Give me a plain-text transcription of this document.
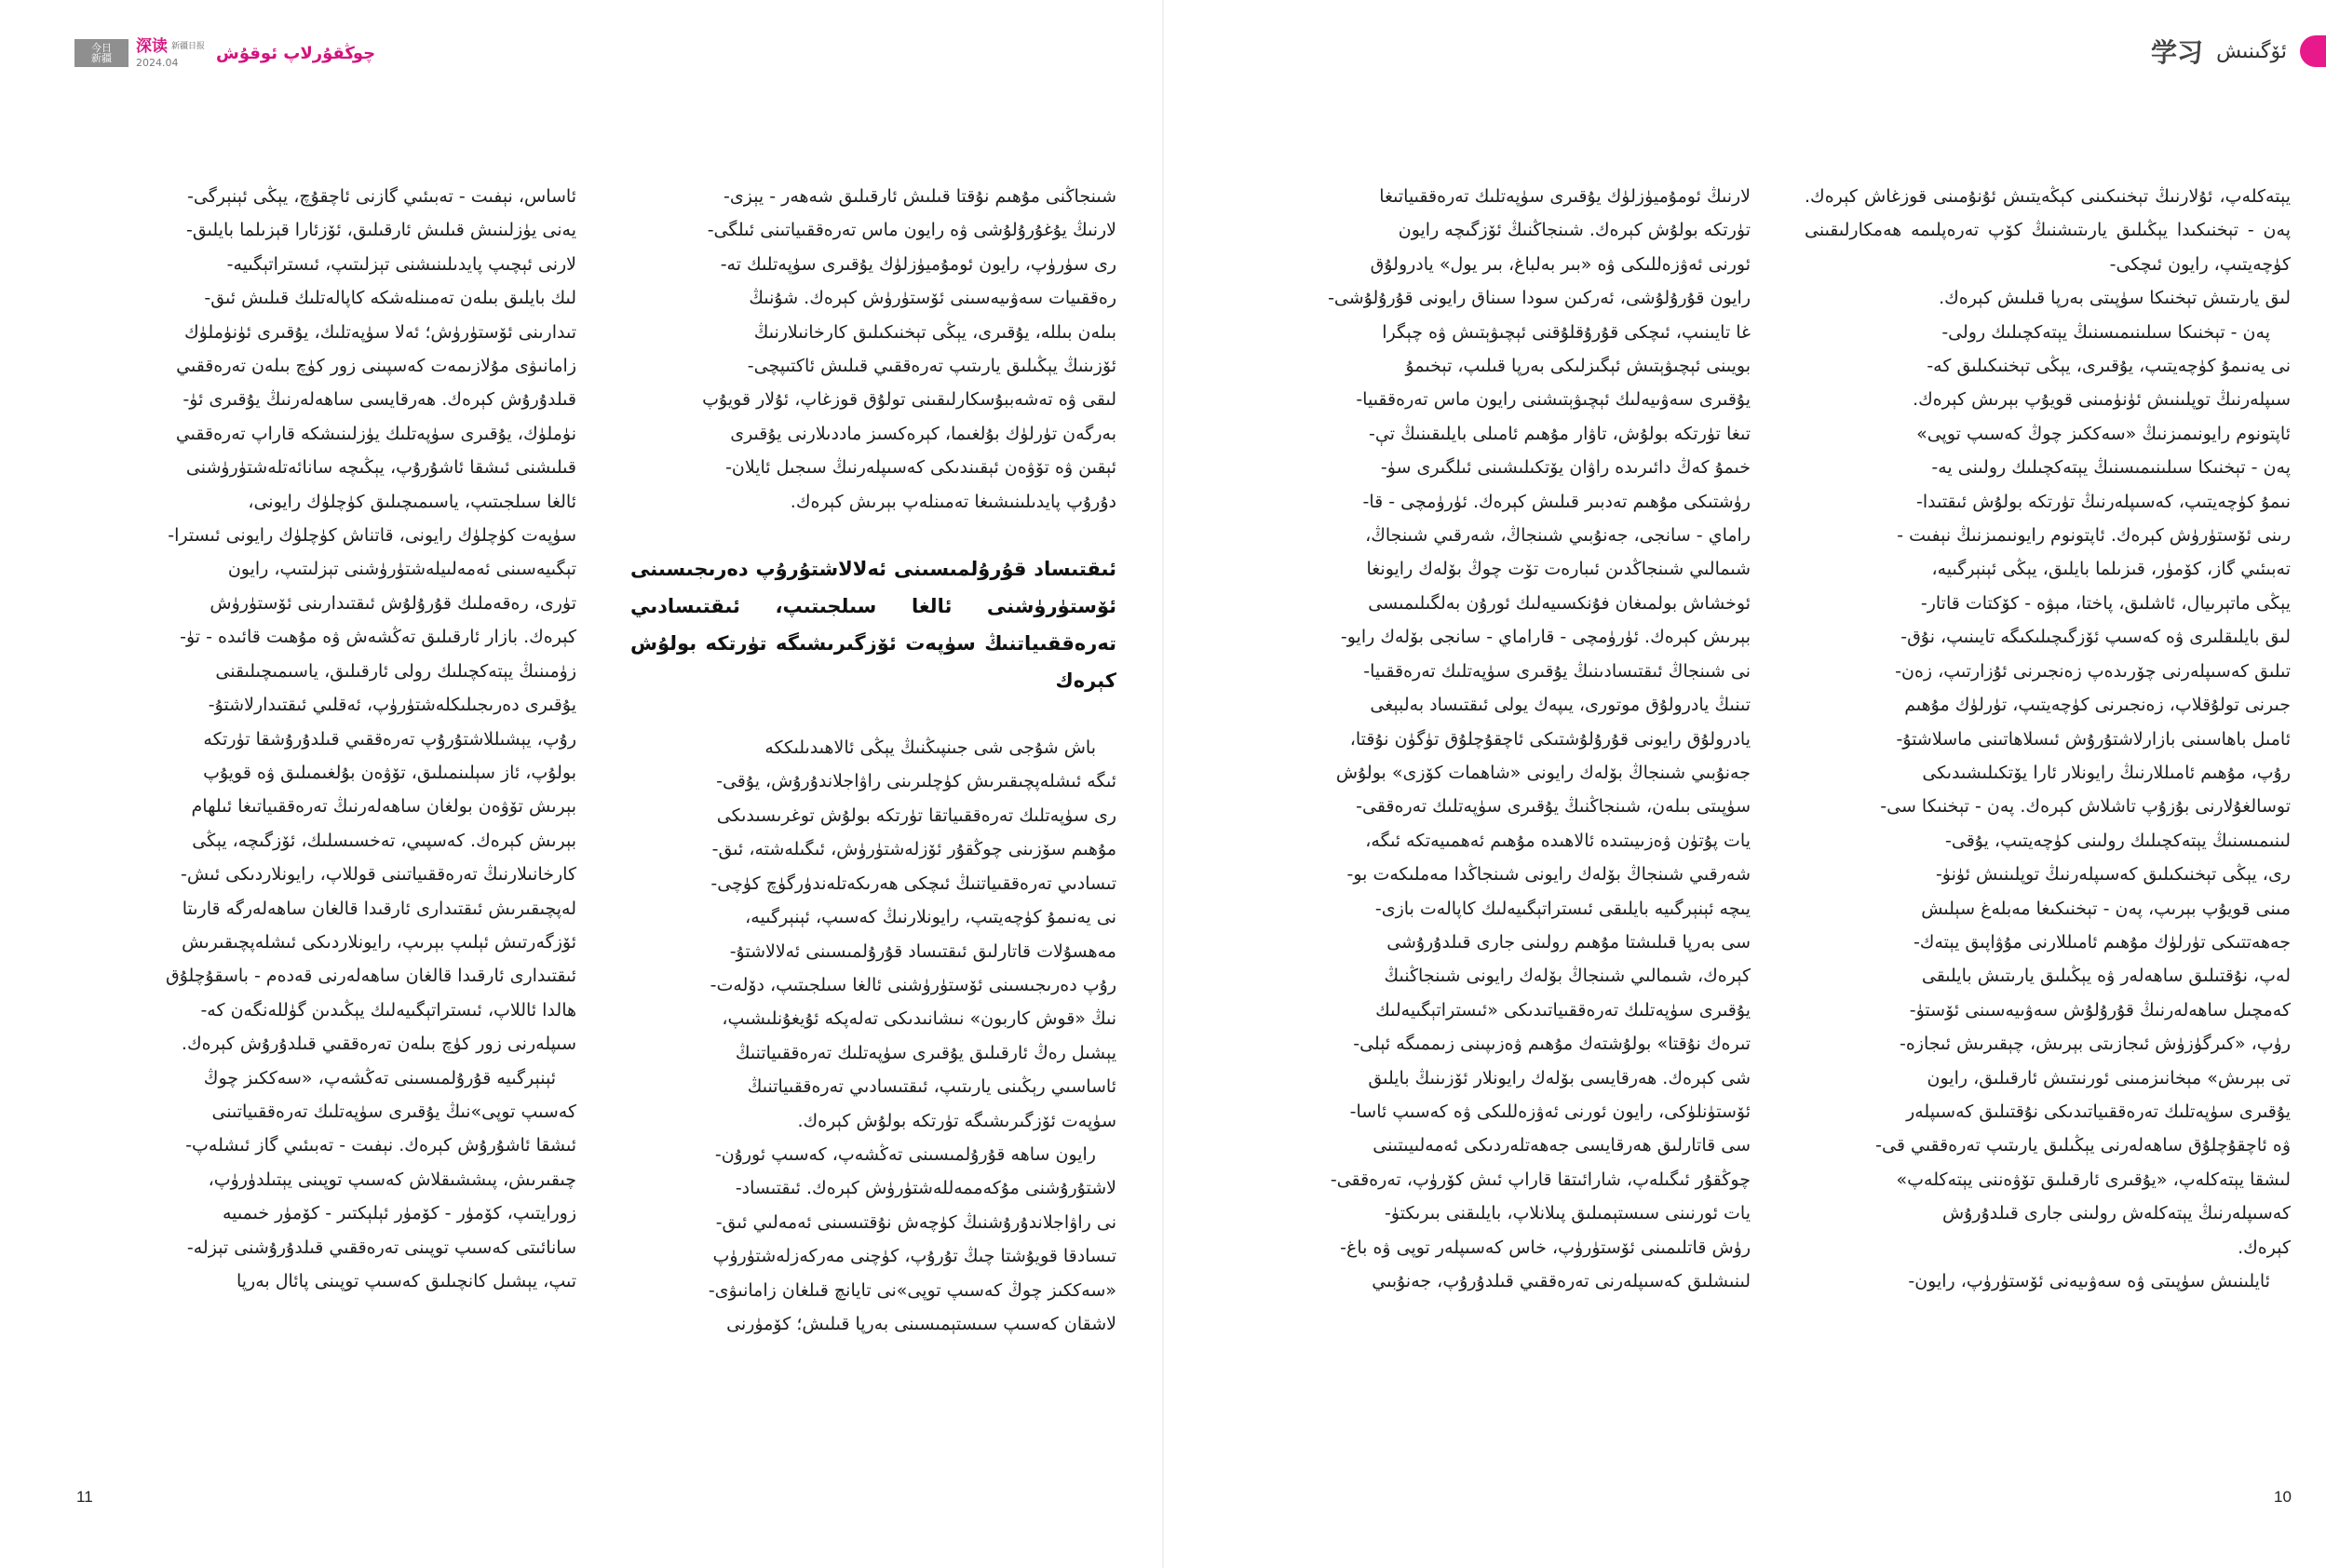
今日
新疆
深读 新疆日报
2024.04	چوڭقۇرلاپ ئوقۇش	学习 ئۆگىنىش

يېتەكلەپ، ئۇلارنىڭ تېخنىكىنى كېڭەيتىش ئۇنۇمىنى قوزغاش كېرەك. پەن - تېخنىكىدا يېڭىلىق يارىتىشنىڭ كۆپ تەرەپلىمە ھەمكارلىقىنى كۈچەيتىپ، رايون ئىچكى-

لىق يارىتىش تېخنىكا سۈپىتى بەرپا قىلىش كېرەك.

پەن - تېخنىكا سىلىنىمىسنىڭ يېتەكچىلىك رولى-

نى يەنىمۇ كۈچەيتىپ، يۇقىرى، يېڭى تېخنىكىلىق كە-

سىپلەرنىڭ توپلىنىش ئۈنۈمىنى قويۇپ بېرىش كېرەك.

ئاپتونوم رايونىمىزنىڭ «سەككىز چوڭ كەسىپ توپى»

پەن - تېخنىكا سىلىنىمىسنىڭ يېتەكچىلىك رولىنى يە-

نىمۇ كۈچەيتىپ، كەسىپلەرنىڭ تۈرتكە بولۇش ئىقتىدا-

رىنى ئۆستۈرۈش كېرەك. ئاپتونوم رايونىمىزنىڭ نېفىت -

تەبىئىي گاز، كۆمۈر، قىزىلما بايلىق، يېڭى ئېنېرگىيە،

يېڭى ماتېرىيال، ئاشلىق، پاختا، مېۋە - كۆكتات قاتار-

لىق بايلىقلىرى ۋە كەسىپ ئۆزگىچىلىكىگە تايىنىپ، نۇق-

تىلىق كەسىپلەرنى چۆرىدەپ زەنجىرنى ئۇزارتىپ، زەن-

جىرنى تولۇقلاپ، زەنجىرنى كۈچەيتىپ، تۈرلۈك مۇھىم

ئامىل باھاسىنى بازارلاشتۇرۇش ئىسلاھاتىنى ماسلاشتۇ-

رۇپ، مۇھىم ئامىللارنىڭ رايونلار ئارا يۆتكىلىشىدىكى

توسالغۇلارنى بۇزۇپ تاشلاش كېرەك. پەن - تېخنىكا سى-

لىنىمىسنىڭ يېتەكچىلىك رولىنى كۈچەيتىپ، يۇقى-

رى، يېڭى تېخنىكىلىق كەسىپلەرنىڭ توپلىنىش ئۈنۈ-

مىنى قويۇپ بېرىپ، پەن - تېخنىكىغا مەبلەغ سېلىش

جەھەتتىكى تۈرلۈك مۇھىم ئامىللارنى مۇۋاپىق يېتەك-

لەپ، نۇقتىلىق ساھەلەر ۋە يېڭىلىق يارىتىش بايلىقى

كەمچىل ساھەلەرنىڭ قۇرۇلۇش سەۋىيەسىنى ئۆستۈ-

رۈپ، «كىرگۈزۈش ئىجازىتى بېرىش، چېقىرىش ئىجازە-

تى بېرىش» مېخانىزمىنى ئورنىتىش ئارقىلىق، رايون

يۇقىرى سۈپەتلىك تەرەققىياتىدىكى نۇقتىلىق كەسىپلەر

ۋە ئاچقۇچلۇق ساھەلەرنى يېڭىلىق يارىتىپ تەرەققىي قى-

لىشقا يېتەكلەپ، «يۇقىرى ئارقىلىق تۆۋەننى يېتەكلەپ»

كەسىپلەرنىڭ يېتەكلەش رولىنى جارى قىلدۇرۇش

كېرەك.

ئايلىنىش سۈپىتى ۋە سەۋىيەنى ئۆستۈرۈپ، رايون-

لارنىڭ ئومۇميۈزلۈك يۇقىرى سۈپەتلىك تەرەققىياتىغا

تۈرتكە بولۇش كېرەك. شىنجاڭنىڭ ئۆزگىچە رايون

ئورنى ئەۋزەللىكى ۋە «بىر بەلباغ، بىر يول» يادرولۇق

رايون قۇرۇلۇشى، ئەركىن سودا سىناق رايونى قۇرۇلۇشى-

غا تايىنىپ، ئىچكى قۇرۇقلۇقنى ئېچىۋېتىش ۋە چېگرا

بويىنى ئېچىۋېتىش ئېگىزلىكى بەرپا قىلىپ، تېخىمۇ

يۇقىرى سەۋىيەلىك ئېچىۋېتىشنى رايون ماس تەرەققىيا-

تىغا تۈرتكە بولۇش، تاۋار مۇھىم ئامىلى بايلىقىنىڭ تې-

خىمۇ كەڭ دائىرىدە راۋان يۆتكىلىشىنى ئىلگىرى سۈ-

رۈشتىكى مۇھىم تەدبىر قىلىش كېرەك. ئۈرۈمچى - قا-

راماي - سانجى، جەنۇبىي شىنجاڭ، شەرقىي شىنجاڭ،

شىمالىي شىنجاڭدىن ئىبارەت تۆت چوڭ بۆلەك رايونغا

ئوخشاش بولمىغان فۇنكسىيەلىك ئورۇن بەلگىلىمىسى

بېرىش كېرەك. ئۈرۈمچى - قاراماي - سانجى بۆلەك رايو-

نى شىنجاڭ ئىقتىسادىنىڭ يۇقىرى سۈپەتلىك تەرەققىيا-

تىنىڭ يادرولۇق موتورى، يىپەك يولى ئىقتىساد بەلبېغى

يادرولۇق رايونى قۇرۇلۇشتىكى ئاچقۇچلۇق تۈگۈن نۇقتا،

جەنۇبىي شىنجاڭ بۆلەك رايونى «شاھمات كۆزى» بولۇش

سۈپىتى بىلەن، شىنجاڭنىڭ يۇقىرى سۈپەتلىك تەرەققى-

يات پۇتۈن ۋەزىيىتىدە ئالاھىدە مۇھىم ئەھمىيەتكە ئىگە،

شەرقىي شىنجاڭ بۆلەك رايونى شىنجاڭدا مەملىكەت بو-

يىچە ئېنېرگىيە بايلىقى ئىستراتېگىيەلىك كاپالەت بازى-

سى بەرپا قىلىشتا مۇھىم رولىنى جارى قىلدۇرۇشى

كېرەك، شىمالىي شىنجاڭ بۆلەك رايونى شىنجاڭنىڭ

يۇقىرى سۈپەتلىك تەرەققىياتىدىكى «ئىستراتېگىيەلىك

تىرەك نۇقتا» بولۇشتەك مۇھىم ۋەزىپىنى زىممىگە ئېلى-

شى كېرەك. ھەرقايسى بۆلەك رايونلار ئۆزىنىڭ بايلىق

ئۆستۈنلۈكى، رايون ئورنى ئەۋزەللىكى ۋە كەسىپ ئاسا-

سى قاتارلىق ھەرقايسى جەھەتلەردىكى ئەمەلىيىتىنى

چوڭقۇر ئىگىلەپ، شارائىتقا قاراپ ئىش كۆرۈپ، تەرەققى-

يات ئورنىنى سىستېمىلىق پىلانلاپ، بايلىقنى بىرىكتۈ-

رۈش قاتلىمىنى ئۆستۈرۈپ، خاس كەسىپلەر توپى ۋە باغ-

لىنىشلىق كەسىپلەرنى تەرەققىي قىلدۇرۇپ، جەنۇبىي

شىنجاڭنى مۇھىم نۇقتا قىلىش ئارقىلىق شەھەر - يېزى-

لارنىڭ يۇغۇرۇلۇشى ۋە رايون ماس تەرەققىياتىنى ئىلگى-

رى سۈرۈپ، رايون ئومۇميۈزلۈك يۇقىرى سۈپەتلىك تە-

رەققىيات سەۋىيەسىنى ئۆستۈرۈش كېرەك. شۇنىڭ

بىلەن بىللە، يۇقىرى، يېڭى تېخنىكىلىق كارخانىلارنىڭ

ئۆزىنىڭ يېڭىلىق يارىتىپ تەرەققىي قىلىش ئاكتىپچى-

لىقى ۋە تەشەببۇسكارلىقىنى تولۇق قوزغاپ، ئۇلار قويۇپ

بەرگەن تۈرلۈك بۇلغىما، كېرەكسىز ماددىلارنى يۇقىرى

ئېقىن ۋە تۆۋەن ئېقىندىكى كەسىپلەرنىڭ سىجىل ئايلان-

دۇرۇپ پايدىلىنىشىغا تەمىنلەپ بېرىش كېرەك.

ئىقتىساد قۇرۇلمىسىنى ئەلالاشتۇرۇپ دەرىجىسىنى ئۆستۈرۈشنى ئالغا سىلجىتىپ، ئىقتىسادىي تەرەققىياتنىڭ سۈپەت ئۆزگىرىشىگە تۈرتكە بولۇش كېرەك

باش شۇجى شى جىنپىڭنىڭ يېڭى ئالاھىدىلىككە

ئىگە ئىشلەپچىقىرىش كۈچلىرىنى راۋاجلاندۇرۇش، يۇقى-

رى سۈپەتلىك تەرەققىياتقا تۈرتكە بولۇش توغرىسىدىكى

مۇھىم سۆزىنى چوڭقۇر ئۆزلەشتۈرۈش، ئىگىلەشتە، ئىق-

تىسادىي تەرەققىياتنىڭ ئىچكى ھەرىكەتلەندۈرگۈچ كۈچى-

نى يەنىمۇ كۈچەيتىپ، رايونلارنىڭ كەسىپ، ئېنېرگىيە،

مەھسۇلات قاتارلىق ئىقتىساد قۇرۇلمىسىنى ئەلالاشتۇ-

رۇپ دەرىجىسىنى ئۆستۈرۈشنى ئالغا سىلجىتىپ، دۆلەت-

نىڭ «قوش كاربون» نىشانىدىكى تەلەپكە ئۇيغۇنلىشىپ،

يېشىل رەڭ ئارقىلىق يۇقىرى سۈپەتلىك تەرەققىياتنىڭ

ئاساسىي رېڭىنى يارىتىپ، ئىقتىسادىي تەرەققىياتنىڭ

سۈپەت ئۆزگىرىشىگە تۈرتكە بولۇش كېرەك.

رايون ساھە قۇرۇلمىسىنى تەڭشەپ، كەسىپ ئورۇن-

لاشتۇرۇشنى مۇكەممەللەشتۈرۈش كېرەك. ئىقتىساد-

نى راۋاجلاندۇرۇشنىڭ كۈچەش نۇقتىسىنى ئەمەلىي ئىق-

تىسادقا قويۇشتا چىڭ تۇرۇپ، كۈچنى مەركەزلەشتۈرۈپ

«سەككىز چوڭ كەسىپ توپى»نى تايانچ قىلغان زامانىۋى-

لاشقان كەسىپ سىستېمىسىنى بەرپا قىلىش؛ كۆمۈرنى

ئاساس، نېفىت - تەبىئىي گازنى ئاچقۇچ، يېڭى ئېنېرگى-

يەنى يۈزلىنىش قىلىش ئارقىلىق، ئۆزئارا قېزىلما بايلىق-

لارنى ئېچىپ پايدىلىنىشنى تېزلىتىپ، ئىستراتېگىيە-

لىك بايلىق بىلەن تەمىنلەشكە كاپالەتلىك قىلىش ئىق-

تىدارىنى ئۆستۈرۈش؛ ئەلا سۈپەتلىك، يۇقىرى ئۈنۈملۈك

زامانىۋى مۇلازىمەت كەسپىنى زور كۈچ بىلەن تەرەققىي

قىلدۇرۇش كېرەك. ھەرقايسى ساھەلەرنىڭ يۇقىرى ئۈ-

نۈملۈك، يۇقىرى سۈپەتلىك يۈزلىنىشكە قاراپ تەرەققىي

قىلىشنى ئىشقا ئاشۇرۇپ، يېڭىچە سانائەتلەشتۈرۈشنى

ئالغا سىلجىتىپ، ياسىمىچىلىق كۈچلۈك رايونى،

سۈپەت كۈچلۈك رايونى، قاتناش كۈچلۈك رايونى ئىسترا-

تېگىيەسىنى ئەمەلىيلەشتۈرۈشنى تېزلىتىپ، رايون

تۈرى، رەقەملىك قۇرۇلۇش ئىقتىدارىنى ئۆستۈرۈش

كېرەك. بازار ئارقىلىق تەڭشەش ۋە مۇھىت قائىدە - تۈ-

زۈمىنىڭ يېتەكچىلىك رولى ئارقىلىق، ياسىمىچىلىقنى

يۇقىرى دەرىجىلىكلەشتۈرۈپ، ئەقلىي ئىقتىدارلاشتۇ-

رۇپ، يېشىللاشتۇرۇپ تەرەققىي قىلدۇرۇشقا تۈرتكە

بولۇپ، ئاز سېلىنمىلىق، تۆۋەن بۇلغىمىلىق ۋە قويۇپ

بېرىش تۆۋەن بولغان ساھەلەرنىڭ تەرەققىياتىغا ئىلھام

بېرىش كېرەك. كەسپىي، تەخسىسلىك، ئۆزگىچە، يېڭى

كارخانىلارنىڭ تەرەققىياتىنى قوللاپ، رايونلاردىكى ئىش-

لەپچىقىرىش ئىقتىدارى ئارقىدا قالغان ساھەلەرگە قارىتا

ئۆزگەرتىش ئېلىپ بېرىپ، رايونلاردىكى ئىشلەپچىقىرىش

ئىقتىدارى ئارقىدا قالغان ساھەلەرنى قەدەم - باسقۇچلۇق

ھالدا ئاللاپ، ئىستراتېگىيەلىك يېڭىدىن گۈللەنگەن كە-

سىپلەرنى زور كۈچ بىلەن تەرەققىي قىلدۇرۇش كېرەك.

ئېنېرگىيە قۇرۇلمىسىنى تەڭشەپ، «سەككىز چوڭ

كەسىپ توپى»نىڭ يۇقىرى سۈپەتلىك تەرەققىياتىنى

ئىشقا ئاشۇرۇش كېرەك. نېفىت - تەبىئىي گاز ئىشلەپ-

چىقىرىش، پىششىقلاش كەسىپ توپىنى يېتىلدۈرۈپ،

زورايتىپ، كۆمۈر - كۆمۈر ئېلېكتىر - كۆمۈر خىمىيە

سانائىتى كەسىپ توپىنى تەرەققىي قىلدۇرۇشنى تېزلە-

تىپ، يېشىل كانچىلىق كەسىپ توپىنى پائال بەرپا

11	10
